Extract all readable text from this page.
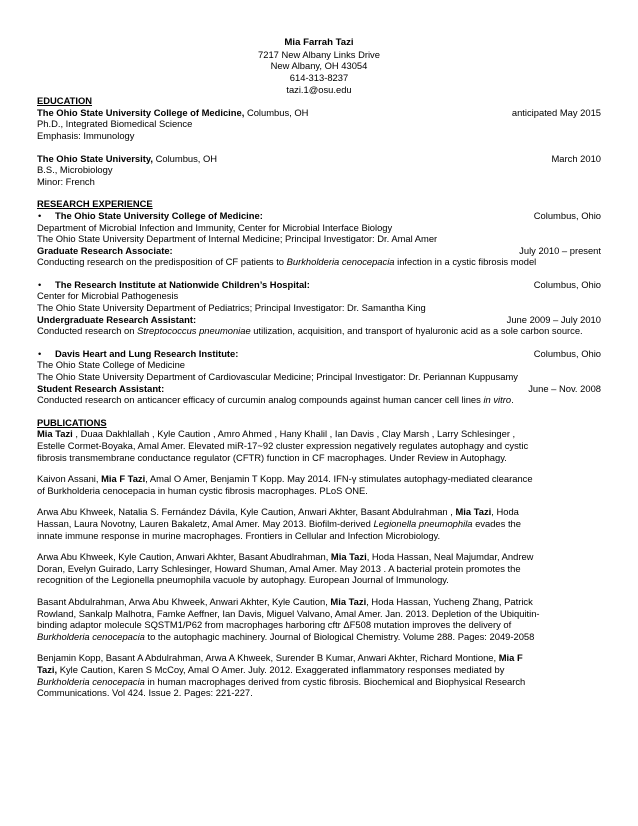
Mia Farrah Tazi
7217 New Albany Links Drive
New Albany, OH 43054
614-313-8237
tazi.1@osu.edu
EDUCATION
The Ohio State University College of Medicine, Columbus, OH	anticipated May 2015
Ph.D., Integrated Biomedical Science
Emphasis: Immunology
The Ohio State University, Columbus, OH	March 2010
B.S., Microbiology
Minor: French
RESEARCH EXPERIENCE
•	The Ohio State University College of Medicine:	Columbus, Ohio
Department of Microbial Infection and Immunity, Center for Microbial Interface Biology
The Ohio State University Department of Internal Medicine; Principal Investigator: Dr. Amal Amer
Graduate Research Associate:	July 2010 – present
Conducting research on the predisposition of CF patients to Burkholderia cenocepacia infection in a cystic fibrosis model
•	The Research Institute at Nationwide Children’s Hospital:	Columbus, Ohio
Center for Microbial Pathogenesis
The Ohio State University Department of Pediatrics; Principal Investigator: Dr. Samantha King
Undergraduate Research Assistant:	June 2009 – July 2010
Conducted research on Streptococcus pneumoniae utilization, acquisition, and transport of hyaluronic acid as a sole carbon source.
•	Davis Heart and Lung Research Institute:	Columbus, Ohio
The Ohio State College of Medicine
The Ohio State University Department of Cardiovascular Medicine; Principal Investigator: Dr. Periannan Kuppusamy
Student Research Assistant:	June – Nov. 2008
Conducted research on anticancer efficacy of curcumin analog compounds against human cancer cell lines in vitro.
PUBLICATIONS
Mia Tazi , Duaa Dakhlallah , Kyle Caution , Amro Ahmed , Hany Khalil , Ian Davis , Clay Marsh , Larry Schlesinger ,
Estelle Cormet-Boyaka, Amal Amer. Elevated miR-17~92 cluster expression negatively regulates autophagy and cystic
fibrosis transmembrane conductance regulator (CFTR) function in CF macrophages. Under Review in Autophagy.
Kaivon Assani, Mia F Tazi, Amal O Amer, Benjamin T Kopp. May 2014. IFN-γ stimulates autophagy-mediated clearance
of Burkholderia cenocepacia in human cystic fibrosis macrophages. PLoS ONE.
Arwa Abu Khweek, Natalia S. Fernández Dávila, Kyle Caution, Anwari Akhter, Basant Abdulrahman , Mia Tazi, Hoda
Hassan, Laura Novotny, Lauren Bakaletz, Amal Amer. May 2013. Biofilm-derived Legionella pneumophila evades the
innate immune response in murine macrophages. Frontiers in Cellular and Infection Microbiology.
Arwa Abu Khweek, Kyle Caution, Anwari Akhter, Basant Abudlrahman, Mia Tazi, Hoda Hassan, Neal Majumdar, Andrew
Doran, Evelyn Guirado, Larry Schlesinger, Howard Shuman, Amal Amer. May 2013 . A bacterial protein promotes the
recognition of the Legionella pneumophila vacuole by autophagy. European Journal of Immunology.
Basant Abdulrahman, Arwa Abu Khweek, Anwari Akhter, Kyle Caution, Mia Tazi, Hoda Hassan, Yucheng Zhang, Patrick
Rowland, Sankalp Malhotra, Famke Aeffner, Ian Davis, Miguel Valvano, Amal Amer. Jan. 2013. Depletion of the Ubiquitin-
binding adaptor molecule SQSTM1/P62 from macrophages harboring cftr ΔF508 mutation improves the delivery of
Burkholderia cenocepacia to the autophagic machinery. Journal of Biological Chemistry. Volume 288. Pages: 2049-2058
Benjamin Kopp, Basant A Abdulrahman, Arwa A Khweek, Surender B Kumar, Anwari Akhter, Richard Montione, Mia F
Tazi, Kyle Caution, Karen S McCoy, Amal O Amer. July. 2012. Exaggerated inflammatory responses mediated by
Burkholderia cenocepacia in human macrophages derived from cystic fibrosis. Biochemical and Biophysical Research
Communications. Vol 424. Issue 2. Pages: 221-227.
